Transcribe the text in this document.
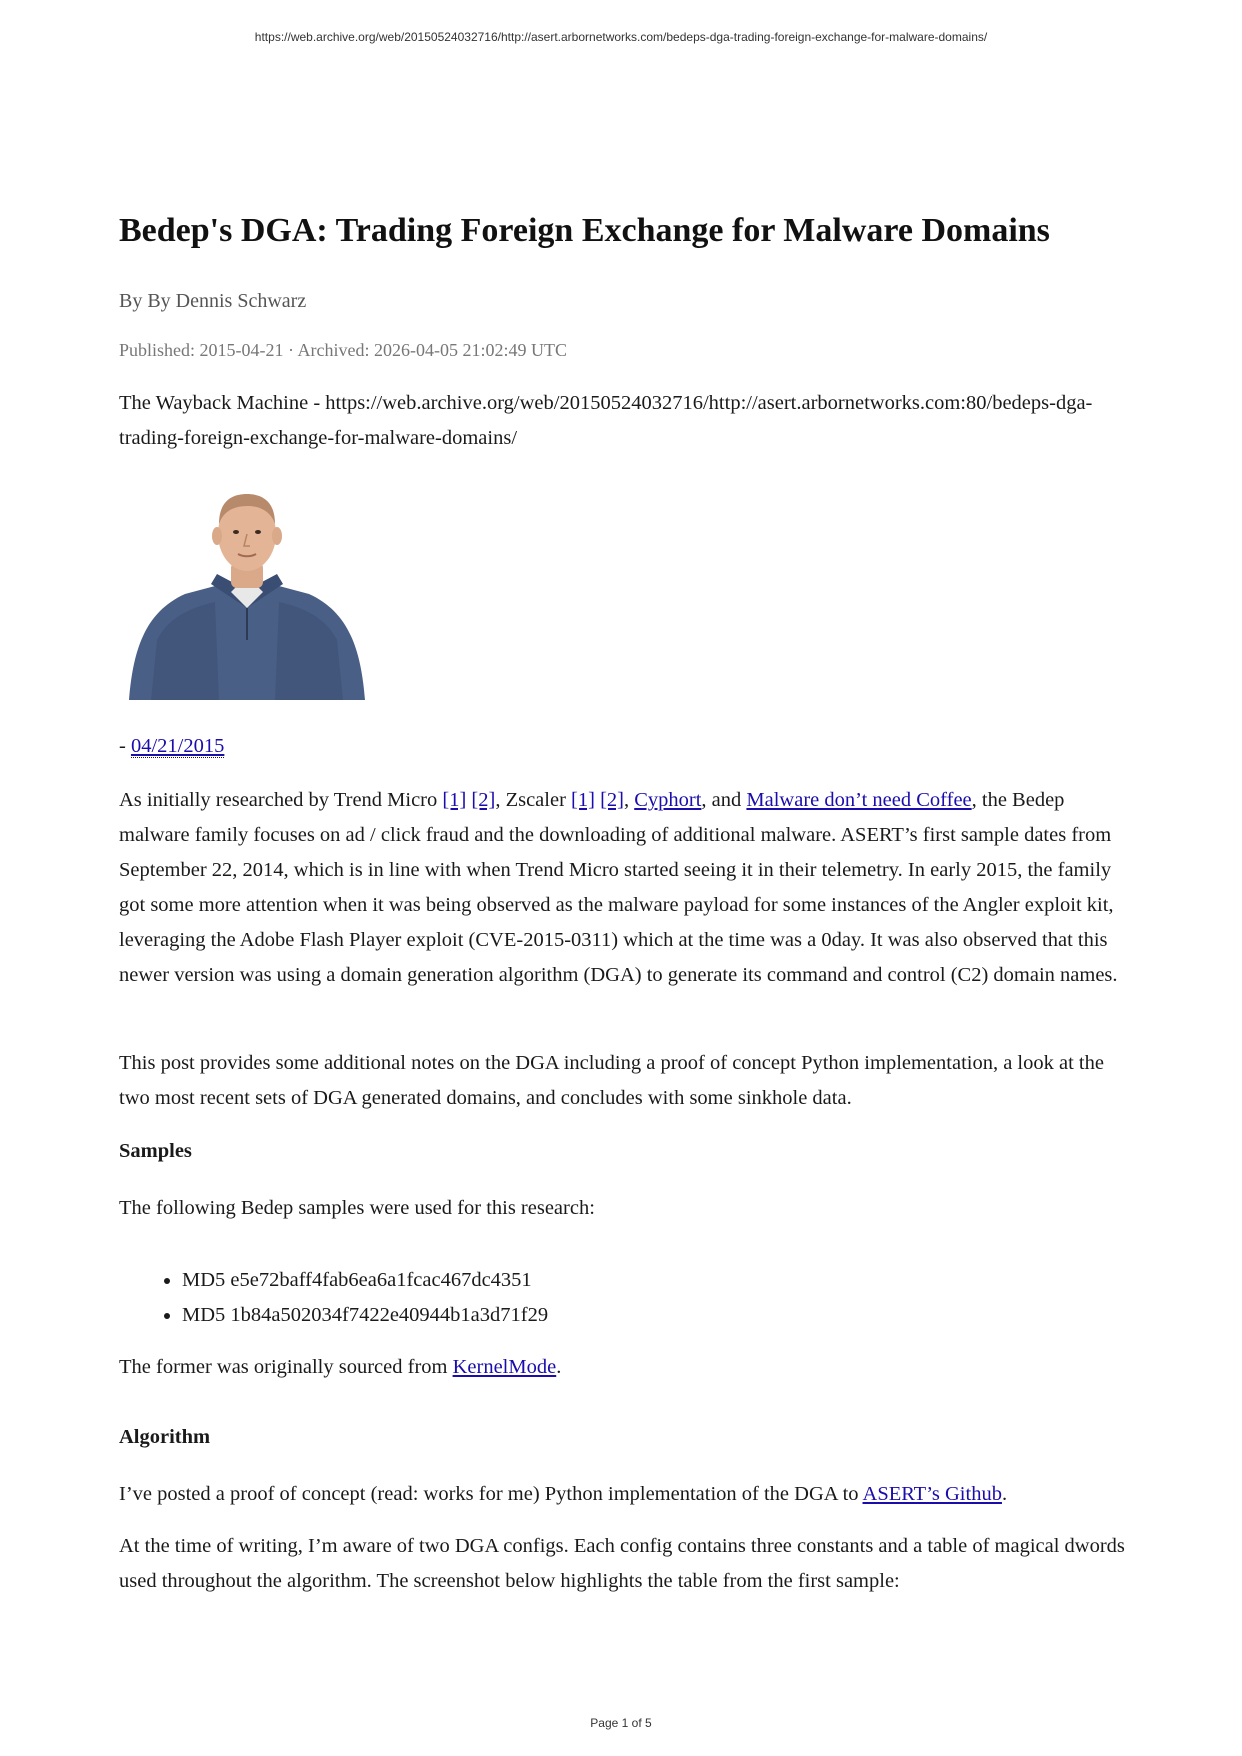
https://web.archive.org/web/20150524032716/http://asert.arbornetworks.com/bedeps-dga-trading-foreign-exchange-for-malware-domains/
Bedep's DGA: Trading Foreign Exchange for Malware Domains
By By Dennis Schwarz
Published: 2015-04-21 · Archived: 2026-04-05 21:02:49 UTC

The Wayback Machine - https://web.archive.org/web/20150524032716/http://asert.arbornetworks.com:80/bedeps-dga-trading-foreign-exchange-for-malware-domains/

- 04/21/2015

As initially researched by Trend Micro [1] [2], Zscaler [1] [2], Cyphort, and Malware don’t need Coffee, the Bedep malware family focuses on ad / click fraud and the downloading of additional malware. ASERT’s first sample dates from September 22, 2014, which is in line with when Trend Micro started seeing it in their telemetry. In early 2015, the family got some more attention when it was being observed as the malware payload for some instances of the Angler exploit kit, leveraging the Adobe Flash Player exploit (CVE-2015-0311) which at the time was a 0day. It was also observed that this newer version was using a domain generation algorithm (DGA) to generate its command and control (C2) domain names.

This post provides some additional notes on the DGA including a proof of concept Python implementation, a look at the two most recent sets of DGA generated domains, and concludes with some sinkhole data.

Samples

The following Bedep samples were used for this research:

• MD5 e5e72baff4fab6ea6a1fcac467dc4351
• MD5 1b84a502034f7422e40944b1a3d71f29

The former was originally sourced from KernelMode.

Algorithm

I’ve posted a proof of concept (read: works for me) Python implementation of the DGA to ASERT’s Github.

At the time of writing, I’m aware of two DGA configs. Each config contains three constants and a table of magical dwords used throughout the algorithm. The screenshot below highlights the table from the first sample:

Page 1 of 5
